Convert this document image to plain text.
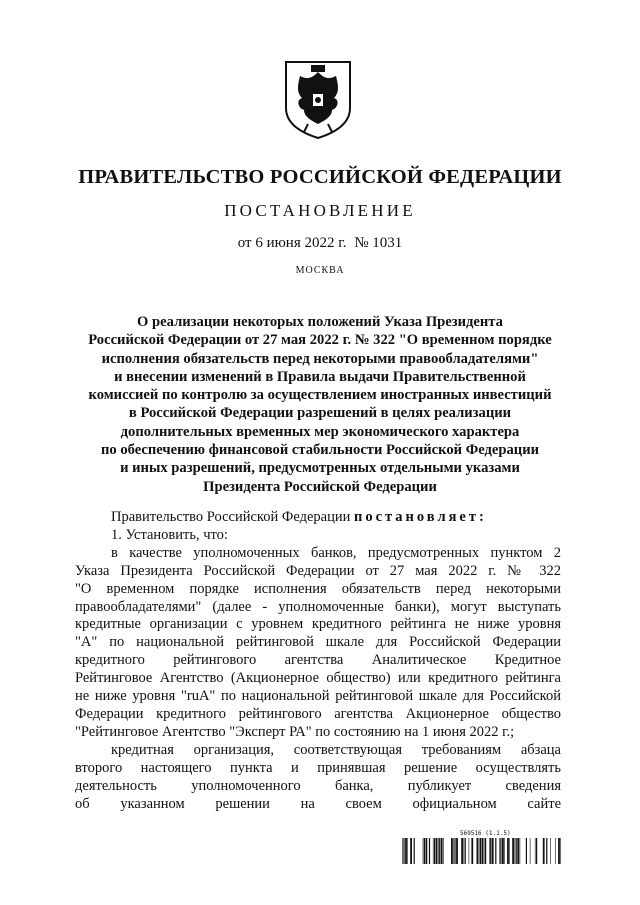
ПРАВИТЕЛЬСТВО РОССИЙСКОЙ ФЕДЕРАЦИИ
ПОСТАНОВЛЕНИЕ
от 6 июня 2022 г. № 1031
МОСКВА
О реализации некоторых положений Указа Президента
Российской Федерации от 27 мая 2022 г. № 322 "О временном порядке
исполнения обязательств перед некоторыми правообладателями"
и внесении изменений в Правила выдачи Правительственной
комиссией по контролю за осуществлением иностранных инвестиций
в Российской Федерации разрешений в целях реализации
дополнительных временных мер экономического характера
по обеспечению финансовой стабильности Российской Федерации
и иных разрешений, предусмотренных отдельными указами
Президента Российской Федерации
Правительство Российской Федерации постановляет:
1. Установить, что:
в качестве уполномоченных банков, предусмотренных пунктом 2
Указа Президента Российской Федерации от 27 мая 2022 г. № 322
"О временном порядке исполнения обязательств перед некоторыми
правообладателями" (далее - уполномоченные банки), могут выступать
кредитные организации с уровнем кредитного рейтинга не ниже уровня
"A" по национальной рейтинговой шкале для Российской Федерации
кредитного рейтингового агентства Аналитическое Кредитное
Рейтинговое Агентство (Акционерное общество) или кредитного рейтинга
не ниже уровня "ruA" по национальной рейтинговой шкале для Российской
Федерации кредитного рейтингового агентства Акционерное общество
"Рейтинговое Агентство "Эксперт РА" по состоянию на 1 июня 2022 г.;
кредитная организация, соответствующая требованиям абзаца
второго настоящего пункта и принявшая решение осуществлять
деятельность уполномоченного банка, публикует сведения
об указанном решении на своем официальном сайте
569516 (1.1.5)
